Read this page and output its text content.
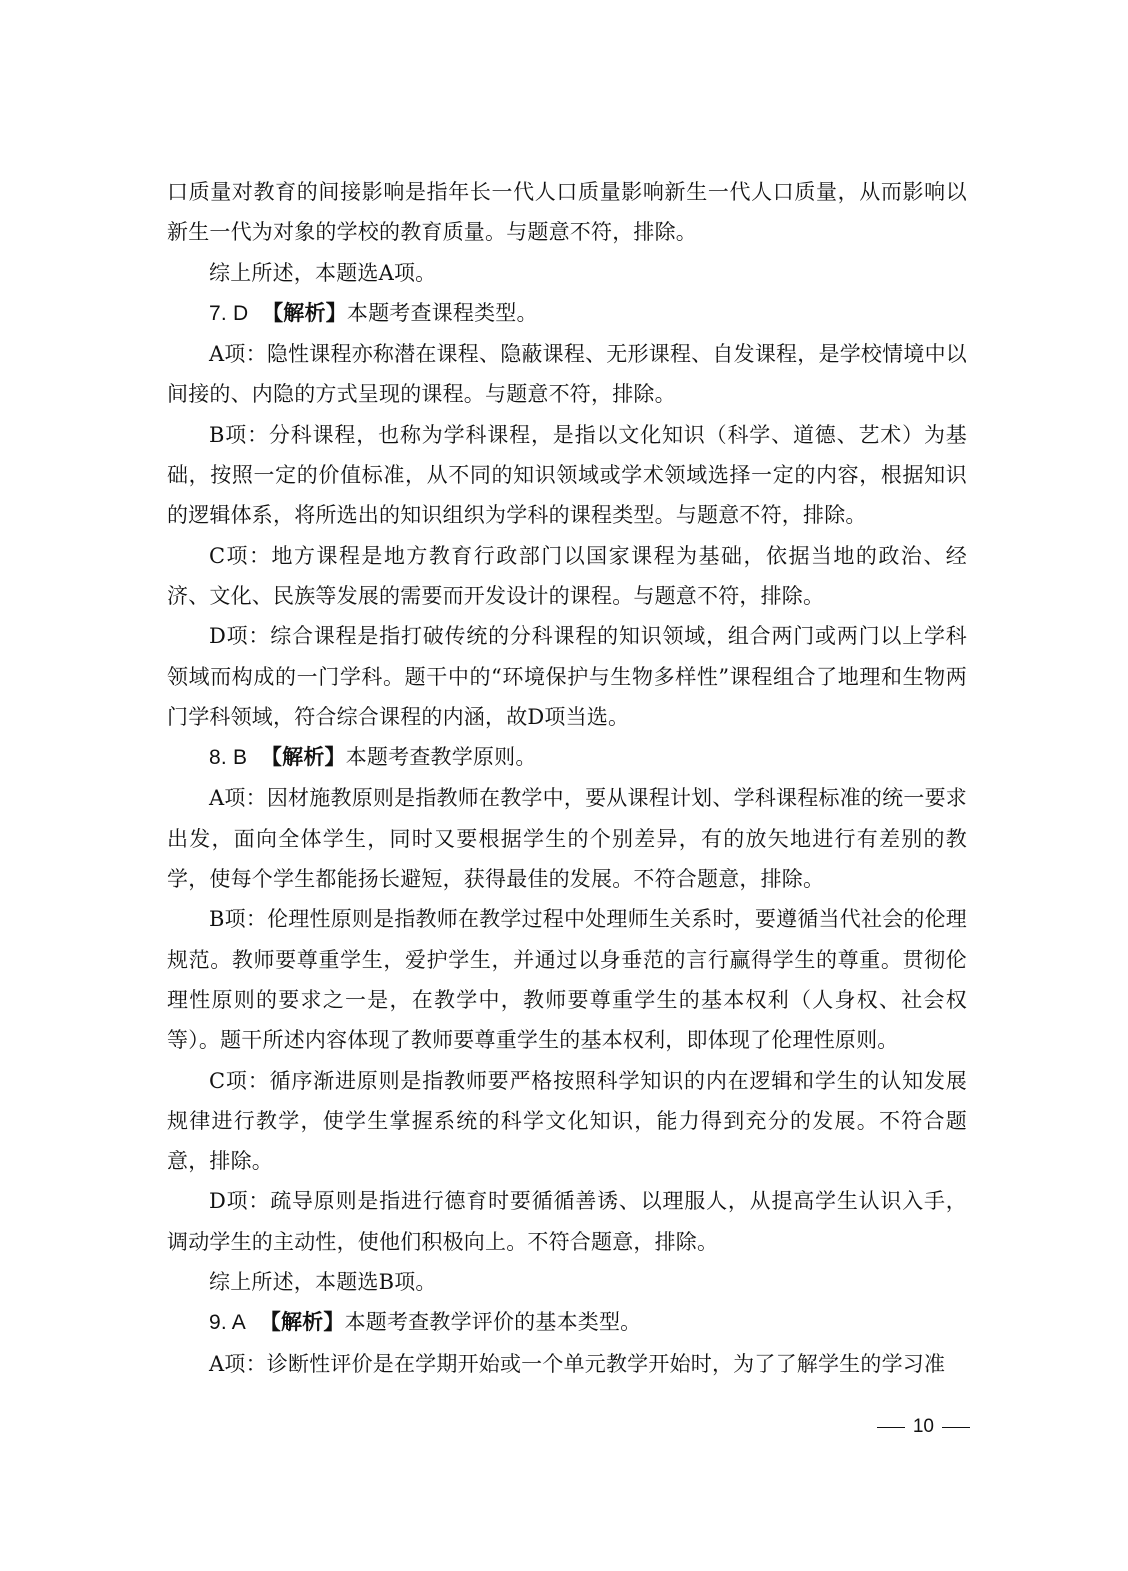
口质量对教育的间接影响是指年长一代人口质量影响新生一代人口质量，从而影响以新生一代为对象的学校的教育质量。与题意不符，排除。

综上所述，本题选A项。

7. D 【解析】本题考查课程类型。

A项：隐性课程亦称潜在课程、隐蔽课程、无形课程、自发课程，是学校情境中以间接的、内隐的方式呈现的课程。与题意不符，排除。

B项：分科课程，也称为学科课程，是指以文化知识（科学、道德、艺术）为基础，按照一定的价值标准，从不同的知识领域或学术领域选择一定的内容，根据知识的逻辑体系，将所选出的知识组织为学科的课程类型。与题意不符，排除。

C项：地方课程是地方教育行政部门以国家课程为基础，依据当地的政治、经济、文化、民族等发展的需要而开发设计的课程。与题意不符，排除。

D项：综合课程是指打破传统的分科课程的知识领域，组合两门或两门以上学科领域而构成的一门学科。题干中的“环境保护与生物多样性”课程组合了地理和生物两门学科领域，符合综合课程的内涵，故D项当选。

8. B 【解析】本题考查教学原则。

A项：因材施教原则是指教师在教学中，要从课程计划、学科课程标准的统一要求出发，面向全体学生，同时又要根据学生的个别差异，有的放矢地进行有差别的教学，使每个学生都能扬长避短，获得最佳的发展。不符合题意，排除。

B项：伦理性原则是指教师在教学过程中处理师生关系时，要遵循当代社会的伦理规范。教师要尊重学生，爱护学生，并通过以身垂范的言行赢得学生的尊重。贯彻伦理性原则的要求之一是，在教学中，教师要尊重学生的基本权利（人身权、社会权等）。题干所述内容体现了教师要尊重学生的基本权利，即体现了伦理性原则。

C项：循序渐进原则是指教师要严格按照科学知识的内在逻辑和学生的认知发展规律进行教学，使学生掌握系统的科学文化知识，能力得到充分的发展。不符合题意，排除。

D项：疏导原则是指进行德育时要循循善诱、以理服人，从提高学生认识入手，调动学生的主动性，使他们积极向上。不符合题意，排除。

综上所述，本题选B项。

9. A 【解析】本题考查教学评价的基本类型。

A项：诊断性评价是在学期开始或一个单元教学开始时，为了了解学生的学习准

10
